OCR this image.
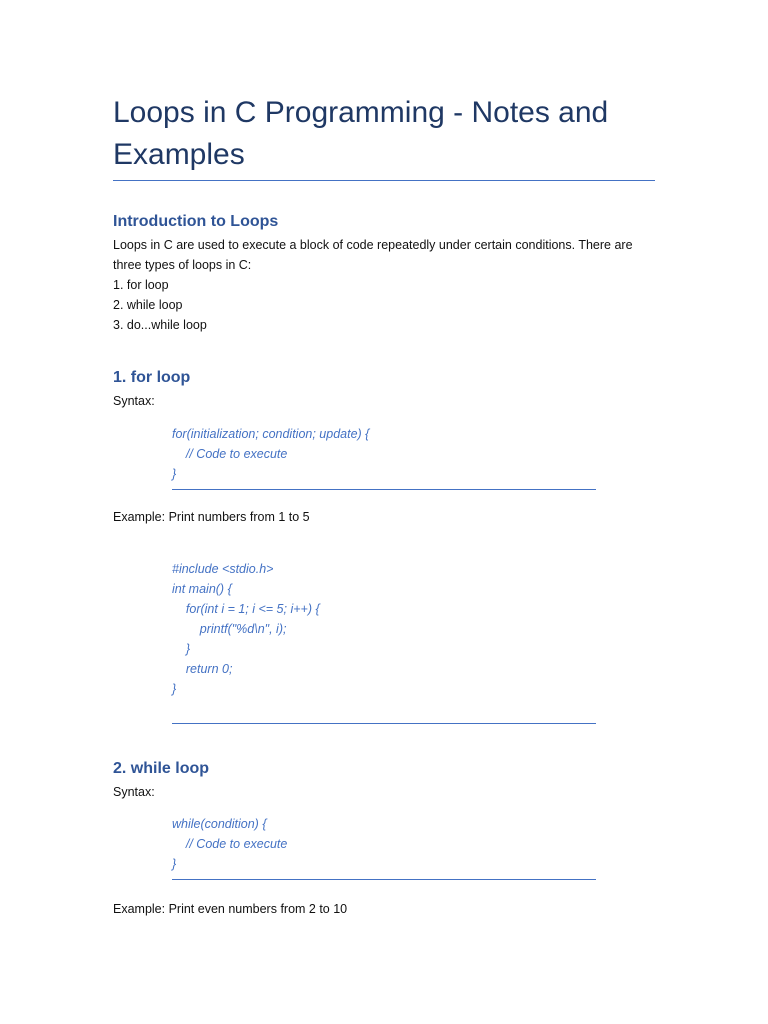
Loops in C Programming - Notes and Examples
Introduction to Loops

Loops in C are used to execute a block of code repeatedly under certain conditions. There are three types of loops in C:

1. for loop
2. while loop
3. do...while loop
1. for loop

Syntax:

for(initialization; condition; update) {
// Code to execute
}

Example: Print numbers from 1 to 5

#include <stdio.h>
int main() {
for(int i = 1; i <= 5; i++) {
printf("%d\n", i);
}
return 0;
}
2. while loop

Syntax:

while(condition) {
// Code to execute
}

Example: Print even numbers from 2 to 10
